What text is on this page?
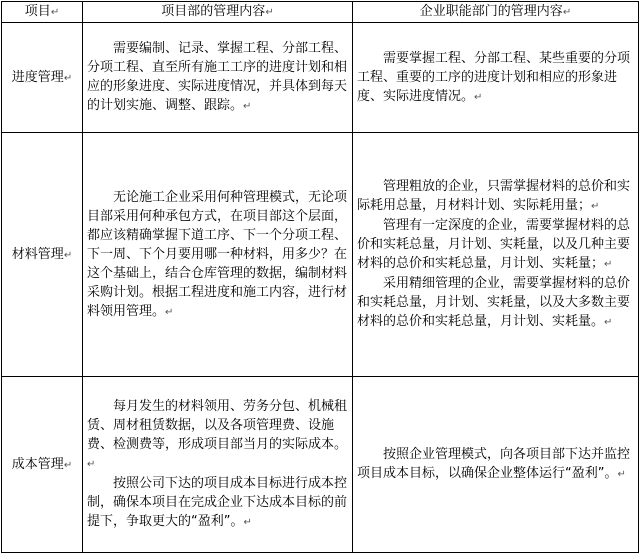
项目↵	项目部的管理内容↵	企业职能部门的管理内容↵
进度管理↵	需要编制、记录、掌握工程、分部工程、分项工程、直至所有施工工序的进度计划和相应的形象进度、实际进度情况，并具体到每天的计划实施、调整、跟踪。↵	需要掌握工程、分部工程、某些重要的分项工程、重要的工序的进度计划和相应的形象进度、实际进度情况。↵

材料管理↵	无论施工企业采用何种管理模式，无论项目部采用何种承包方式，在项目部这个层面，都应该精确掌握下道工序、下一个分项工程、下一周、下个月要用哪一种材料，用多少？在这个基础上，结合仓库管理的数据，编制材料采购计划。根据工程进度和施工内容，进行材料领用管理。↵	管理粗放的企业，只需掌握材料的总价和实际耗用总量，月材料计划、实际耗用量；↵

管理有一定深度的企业，需要掌握材料的总价和实耗总量，月计划、实耗量，以及几种主要材料的总价和实耗总量，月计划、实耗量；↵

采用精细管理的企业，需要掌握材料的总价和实耗总量，月计划、实耗量，以及大多数主要材料的总价和实耗总量，月计划、实耗量。↵

成本管理↵	每月发生的材料领用、劳务分包、机械租赁、周材租赁数据，以及各项管理费、设施费、检测费等，形成项目部当月的实际成本。↵

按照公司下达的项目成本目标进行成本控制，确保本项目在完成企业下达成本目标的前提下，争取更大的“盈利”。↵	按照企业管理模式，向各项目部下达并监控项目成本目标，以确保企业整体运行“盈利”。↵
